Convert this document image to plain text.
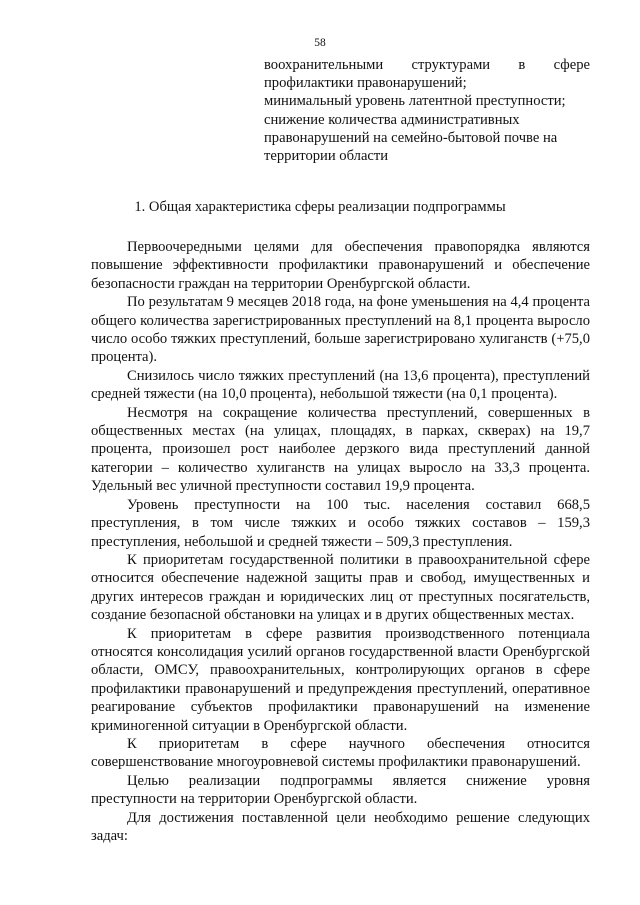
58

воохранительными структурами в сфере профилактики правонарушений;

минимальный уровень латентной преступности;

снижение количества административных правонарушений на семейно-бытовой почве на территории области

1. Общая характеристика сферы реализации подпрограммы

Первоочередными целями для обеспечения правопорядка являются повышение эффективности профилактики правонарушений и обеспечение безопасности граждан на территории Оренбургской области.

По результатам 9 месяцев 2018 года, на фоне уменьшения на 4,4 процента общего количества зарегистрированных преступлений на 8,1 процента выросло число особо тяжких преступлений, больше зарегистрировано хулиганств (+75,0 процента).

Снизилось число тяжких преступлений (на 13,6 процента), преступлений средней тяжести (на 10,0 процента), небольшой тяжести (на 0,1 процента).

Несмотря на сокращение количества преступлений, совершенных в общественных местах (на улицах, площадях, в парках, скверах) на 19,7 процента, произошел рост наиболее дерзкого вида преступлений данной категории – количество хулиганств на улицах выросло на 33,3 процента. Удельный вес уличной преступности составил 19,9 процента.

Уровень преступности на 100 тыс. населения составил 668,5 преступления, в том числе тяжких и особо тяжких составов – 159,3 преступления, небольшой и средней тяжести – 509,3 преступления.

К приоритетам государственной политики в правоохранительной сфере относится обеспечение надежной защиты прав и свобод, имущественных и других интересов граждан и юридических лиц от преступных посягательств, создание безопасной обстановки на улицах и в других общественных местах.

К приоритетам в сфере развития производственного потенциала относятся консолидация усилий органов государственной власти Оренбургской области, ОМСУ, правоохранительных, контролирующих органов в сфере профилактики правонарушений и предупреждения преступлений, оперативное реагирование субъектов профилактики правонарушений на изменение криминогенной ситуации в Оренбургской области.

К приоритетам в сфере научного обеспечения относится совершенствование многоуровневой системы профилактики правонарушений.

Целью реализации подпрограммы является снижение уровня преступности на территории Оренбургской области.

Для достижения поставленной цели необходимо решение следующих задач:
